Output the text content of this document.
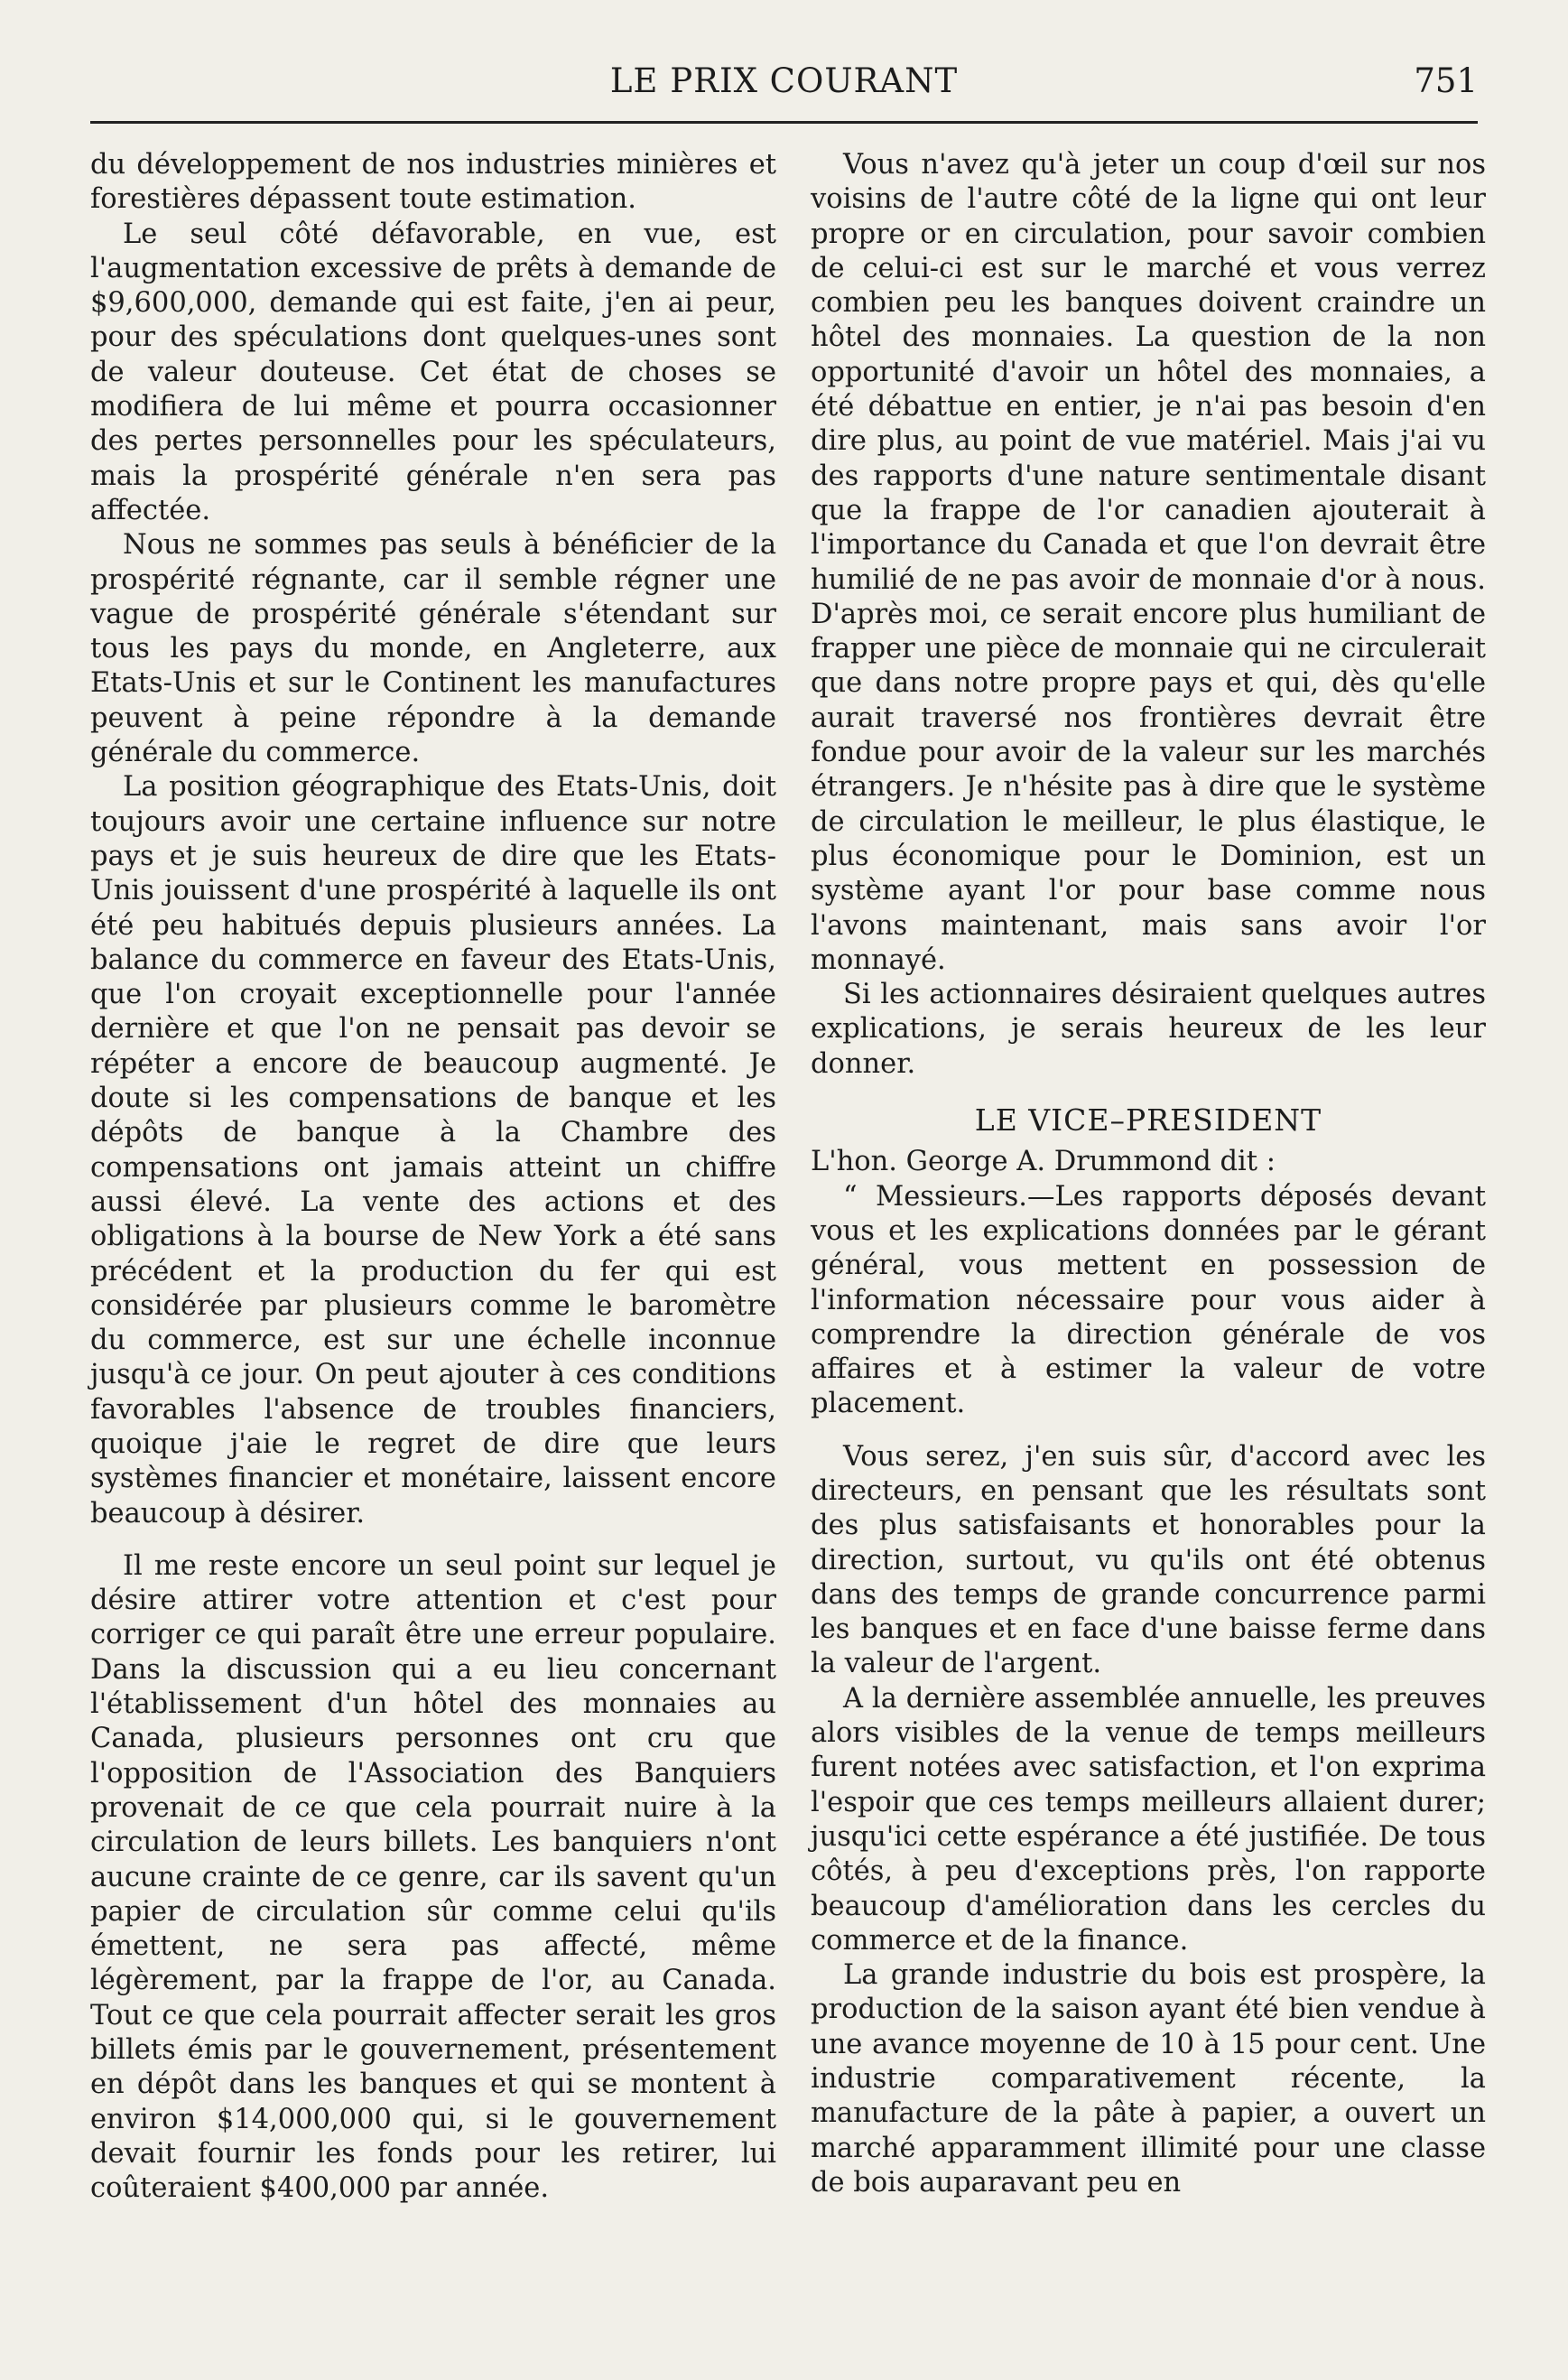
LE PRIX COURANT	751

du développement de nos industries minières et forestières dépassent toute estimation.

Le seul côté défavorable, en vue, est l'augmentation excessive de prêts à demande de $9,600,000, demande qui est faite, j'en ai peur, pour des spéculations dont quelques-unes sont de valeur douteuse. Cet état de choses se modifiera de lui même et pourra occasionner des pertes personnelles pour les spéculateurs, mais la prospérité générale n'en sera pas affectée.

Nous ne sommes pas seuls à bénéficier de la prospérité régnante, car il semble régner une vague de prospérité générale s'étendant sur tous les pays du monde, en Angleterre, aux Etats-Unis et sur le Continent les manufactures peuvent à peine répondre à la demande générale du commerce.

La position géographique des Etats-Unis, doit toujours avoir une certaine influence sur notre pays et je suis heureux de dire que les Etats-Unis jouissent d'une prospérité à laquelle ils ont été peu habitués depuis plusieurs années. La balance du commerce en faveur des Etats-Unis, que l'on croyait exceptionnelle pour l'année dernière et que l'on ne pensait pas devoir se répéter a encore de beaucoup augmenté. Je doute si les compensations de banque et les dépôts de banque à la Chambre des compensations ont jamais atteint un chiffre aussi élevé. La vente des actions et des obligations à la bourse de New York a été sans précédent et la production du fer qui est considérée par plusieurs comme le baromètre du commerce, est sur une échelle inconnue jusqu'à ce jour. On peut ajouter à ces conditions favorables l'absence de troubles financiers, quoique j'aie le regret de dire que leurs systèmes financier et monétaire, laissent encore beaucoup à désirer.

Il me reste encore un seul point sur lequel je désire attirer votre attention et c'est pour corriger ce qui paraît être une erreur populaire. Dans la discussion qui a eu lieu concernant l'établissement d'un hôtel des monnaies au Canada, plusieurs personnes ont cru que l'opposition de l'Association des Banquiers provenait de ce que cela pourrait nuire à la circulation de leurs billets. Les banquiers n'ont aucune crainte de ce genre, car ils savent qu'un papier de circulation sûr comme celui qu'ils émettent, ne sera pas affecté, même légèrement, par la frappe de l'or, au Canada. Tout ce que cela pourrait affecter serait les gros billets émis par le gouvernement, présentement en dépôt dans les banques et qui se montent à environ $14,000,000 qui, si le gouvernement devait fournir les fonds pour les retirer, lui coûteraient $400,000 par année.

Vous n'avez qu'à jeter un coup d'œil sur nos voisins de l'autre côté de la ligne qui ont leur propre or en circulation, pour savoir combien de celui-ci est sur le marché et vous verrez combien peu les banques doivent craindre un hôtel des monnaies. La question de la non opportunité d'avoir un hôtel des monnaies, a été débattue en entier, je n'ai pas besoin d'en dire plus, au point de vue matériel. Mais j'ai vu des rapports d'une nature sentimentale disant que la frappe de l'or canadien ajouterait à l'importance du Canada et que l'on devrait être humilié de ne pas avoir de monnaie d'or à nous. D'après moi, ce serait encore plus humiliant de frapper une pièce de monnaie qui ne circulerait que dans notre propre pays et qui, dès qu'elle aurait traversé nos frontières devrait être fondue pour avoir de la valeur sur les marchés étrangers. Je n'hésite pas à dire que le système de circulation le meilleur, le plus élastique, le plus économique pour le Dominion, est un système ayant l'or pour base comme nous l'avons maintenant, mais sans avoir l'or monnayé.

Si les actionnaires désiraient quelques autres explications, je serais heureux de les leur donner.

LE VICE–PRESIDENT

L'hon. George A. Drummond dit :

“ Messieurs.—Les rapports déposés devant vous et les explications données par le gérant général, vous mettent en possession de l'information nécessaire pour vous aider à comprendre la direction générale de vos affaires et à estimer la valeur de votre placement.

Vous serez, j'en suis sûr, d'accord avec les directeurs, en pensant que les résultats sont des plus satisfaisants et honorables pour la direction, surtout, vu qu'ils ont été obtenus dans des temps de grande concurrence parmi les banques et en face d'une baisse ferme dans la valeur de l'argent.

A la dernière assemblée annuelle, les preuves alors visibles de la venue de temps meilleurs furent notées avec satisfaction, et l'on exprima l'espoir que ces temps meilleurs allaient durer; jusqu'ici cette espérance a été justifiée. De tous côtés, à peu d'exceptions près, l'on rapporte beaucoup d'amélioration dans les cercles du commerce et de la finance.

La grande industrie du bois est prospère, la production de la saison ayant été bien vendue à une avance moyenne de 10 à 15 pour cent. Une industrie comparativement récente, la manufacture de la pâte à papier, a ouvert un marché apparamment illimité pour une classe de bois auparavant peu en
